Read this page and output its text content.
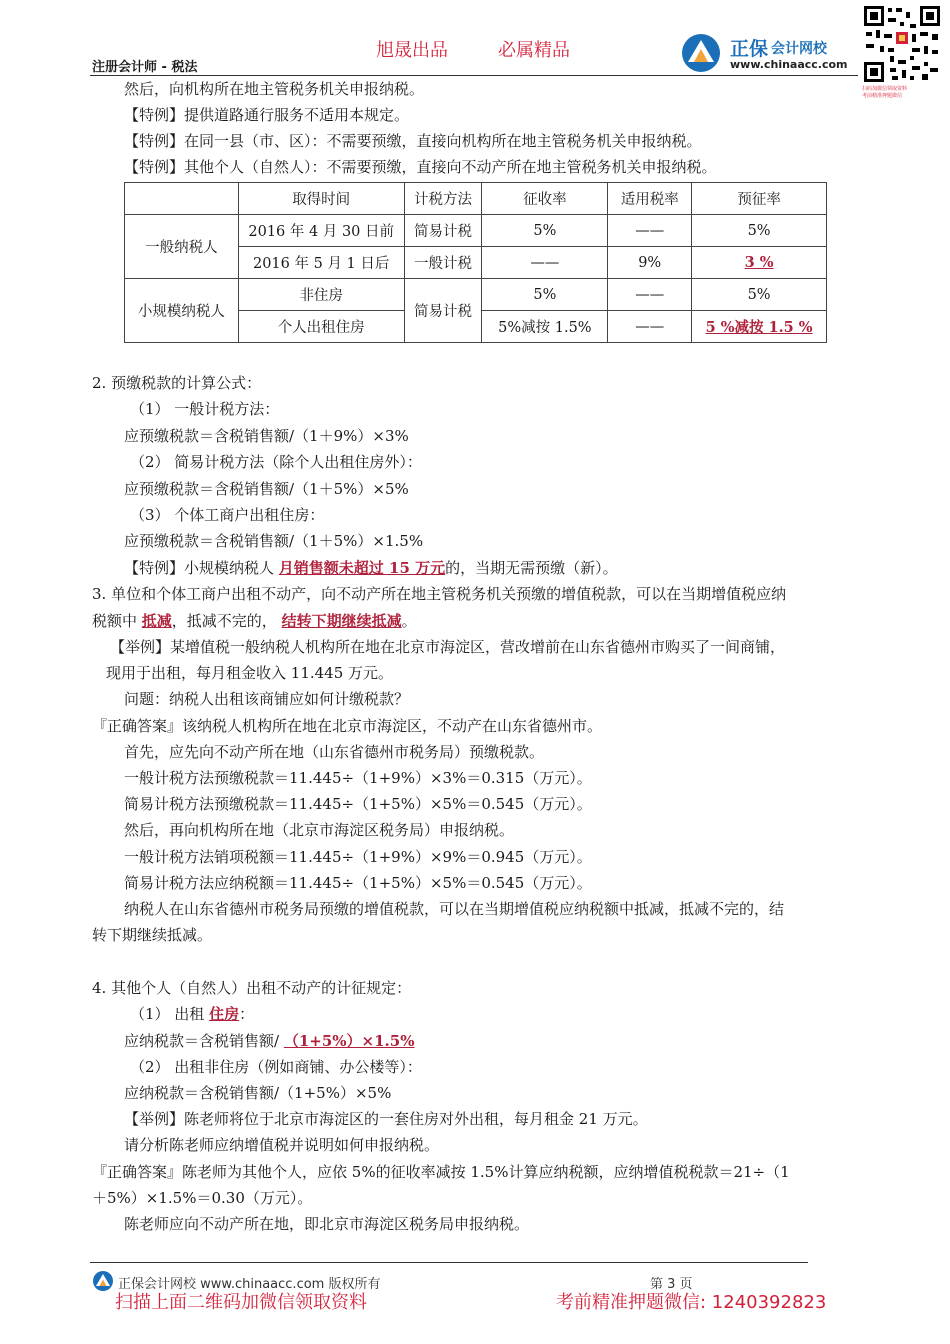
旭晟出品	必属精品
注册会计师 - 税法
正保 会计网校
www.chinaacc.com
扫码加微信领取资料
考前精准押题微信
然后，向机构所在地主管税务机关申报纳税。
【特例】提供道路通行服务不适用本规定。
【特例】在同一县（市、区）：不需要预缴，直接向机构所在地主管税务机关申报纳税。
【特例】其他个人（自然人）：不需要预缴，直接向不动产所在地主管税务机关申报纳税。
	取得时间	计税方法	征收率	适用税率	预征率
一般纳税人	2016 年 4 月 30 日前	简易计税	5%	——	5%
	2016 年 5 月 1 日后	一般计税	——	9%	3 %
小规模纳税人	非住房	简易计税	5%	——	5%
	个人出租住房		5%减按 1.5%	——	5 %减按 1.5 %
2. 预缴税款的计算公式：
（1） 一般计税方法：
应预缴税款＝含税销售额/（1＋9%）×3%
（2） 简易计税方法（除个人出租住房外）：
应预缴税款＝含税销售额/（1＋5%）×5%
（3） 个体工商户出租住房：
应预缴税款＝含税销售额/（1＋5%）×1.5%
【特例】小规模纳税人 月销售额未超过 15 万元的，当期无需预缴（新）。
3. 单位和个体工商户出租不动产，向不动产所在地主管税务机关预缴的增值税款，可以在当期增值税应纳
税额中 抵减，抵减不完的， 结转下期继续抵减。
【举例】某增值税一般纳税人机构所在地在北京市海淀区，营改增前在山东省德州市购买了一间商铺，
现用于出租，每月租金收入 11.445 万元。
问题：纳税人出租该商铺应如何计缴税款？
『正确答案』该纳税人机构所在地在北京市海淀区，不动产在山东省德州市。
首先，应先向不动产所在地（山东省德州市税务局）预缴税款。
一般计税方法预缴税款＝11.445÷（1+9%）×3%＝0.315（万元）。
简易计税方法预缴税款＝11.445÷（1+5%）×5%＝0.545（万元）。
然后，再向机构所在地（北京市海淀区税务局）申报纳税。
一般计税方法销项税额＝11.445÷（1+9%）×9%＝0.945（万元）。
简易计税方法应纳税额＝11.445÷（1+5%）×5%＝0.545（万元）。
纳税人在山东省德州市税务局预缴的增值税款，可以在当期增值税应纳税额中抵减，抵减不完的，结
转下期继续抵减。
4. 其他个人（自然人）出租不动产的计征规定：
（1） 出租 住房：
应纳税款＝含税销售额/ （1+5%）×1.5%
（2） 出租非住房（例如商铺、办公楼等）：
应纳税款＝含税销售额/（1+5%）×5%
【举例】陈老师将位于北京市海淀区的一套住房对外出租，每月租金 21 万元。
请分析陈老师应纳增值税并说明如何申报纳税。
『正确答案』陈老师为其他个人，应依 5%的征收率减按 1.5%计算应纳税额，应纳增值税税款＝21÷（1
＋5%）×1.5%＝0.30（万元）。
陈老师应向不动产所在地，即北京市海淀区税务局申报纳税。
正保会计网校 www.chinaacc.com 版权所有	第 3 页
扫描上面二维码加微信领取资料	考前精准押题微信: 1240392823
